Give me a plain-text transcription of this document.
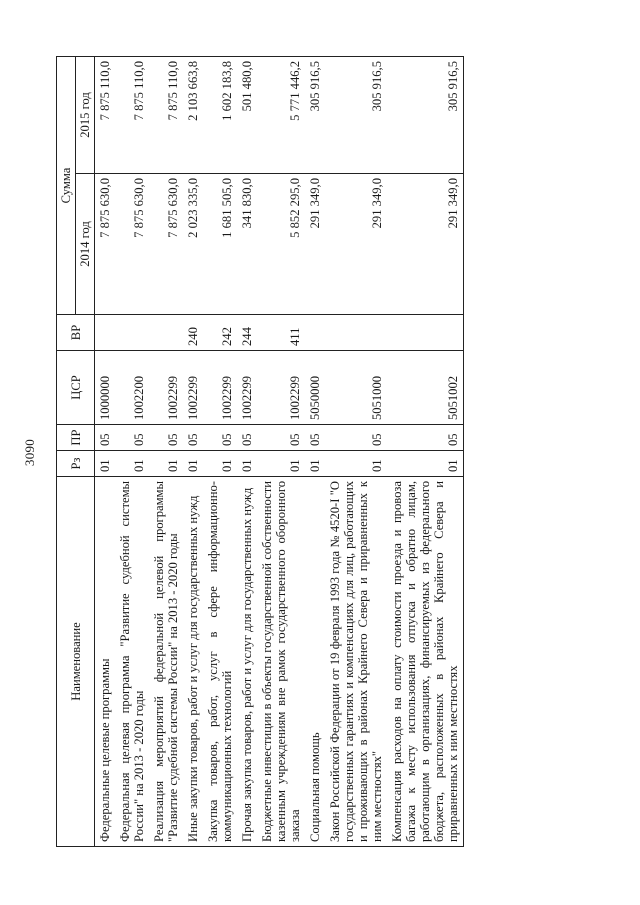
3090
Наименование	Рз	ПР	ЦСР	ВР	Сумма	
					2014 год	2015 год
Федеральные целевые программы	01	05	1000000		7 875 630,0	7 875 110,0
Федеральная целевая программа "Развитие судебной системы России" на 2013 - 2020 годы	01	05	1002200		7 875 630,0	7 875 110,0
Реализация мероприятий федеральной целевой программы "Развитие судебной системы России" на 2013 - 2020 годы	01	05	1002299		7 875 630,0	7 875 110,0
Иные закупки товаров, работ и услуг для государственных нужд	01	05	1002299	240	2 023 335,0	2 103 663,8
Закупка товаров, работ, услуг в сфере информационно-коммуникационных технологий	01	05	1002299	242	1 681 505,0	1 602 183,8
Прочая закупка товаров, работ и услуг для государственных нужд	01	05	1002299	244	341 830,0	501 480,0
Бюджетные инвестиции в объекты государственной собственности казенным учреждениям вне рамок государственного оборонного заказа	01	05	1002299	411	5 852 295,0	5 771 446,2
Социальная помощь	01	05	5050000		291 349,0	305 916,5
Закон Российской Федерации от 19 февраля 1993 года № 4520-I "О государственных гарантиях и компенсациях для лиц, работающих и проживающих в районах Крайнего Севера и приравненных к ним местностях"	01	05	5051000		291 349,0	305 916,5
Компенсация расходов на оплату стоимости проезда и провоза багажа к месту использования отпуска и обратно лицам, работающим в организациях, финансируемых из федерального бюджета, расположенных в районах Крайнего Севера и приравненных к ним местностях	01	05	5051002		291 349,0	305 916,5
